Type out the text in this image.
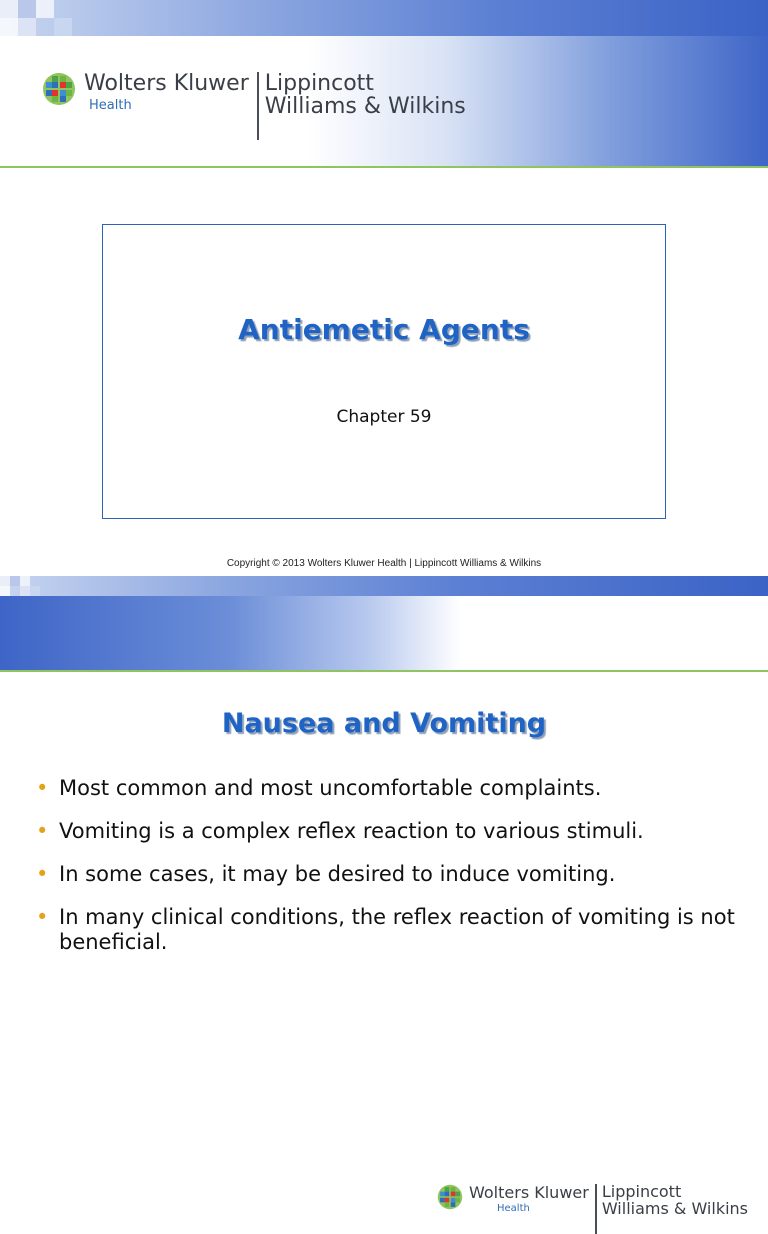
Wolters Kluwer
Health
Lippincott
Williams & Wilkins
Antiemetic Agents
Chapter 59
Copyright © 2013 Wolters Kluwer Health | Lippincott Williams & Wilkins
Wolters Kluwer
Health
Lippincott
Williams & Wilkins
Nausea and Vomiting
• Most common and most uncomfortable complaints.
• Vomiting is a complex reflex reaction to various stimuli.
• In some cases, it may be desired to induce vomiting.
• In many clinical conditions, the reflex reaction of vomiting is not beneficial.
